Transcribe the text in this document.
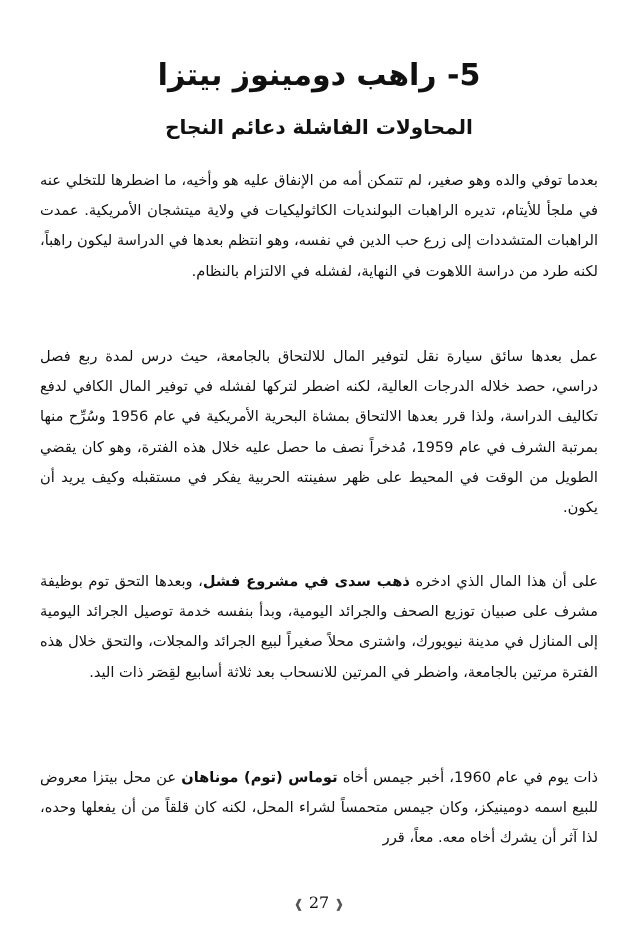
5- راهب دومينوز بيتزا
المحاولات الفاشلة دعائم النجاح

بعدما توفي والده وهو صغير، لم تتمكن أمه من الإنفاق عليه هو وأخيه، ما اضطرها للتخلي عنه في ملجأ للأيتام، تديره الراهبات البولنديات الكاثوليكيات في ولاية ميتشجان الأمريكية. عمدت الراهبات المتشددات إلى زرع حب الدين في نفسه، وهو انتظم بعدها في الدراسة ليكون راهباً، لكنه طرد من دراسة اللاهوت في النهاية، لفشله في الالتزام بالنظام.

عمل بعدها سائق سيارة نقل لتوفير المال للالتحاق بالجامعة، حيث درس لمدة ربع فصل دراسي، حصد خلاله الدرجات العالية، لكنه اضطر لتركها لفشله في توفير المال الكافي لدفع تكاليف الدراسة، ولذا قرر بعدها الالتحاق بمشاة البحرية الأمريكية في عام 1956 وسُرِّح منها بمرتبة الشرف في عام 1959، مُدخراً نصف ما حصل عليه خلال هذه الفترة، وهو كان يقضي الطويل من الوقت في المحيط على ظهر سفينته الحربية يفكر في مستقبله وكيف يريد أن يكون.

على أن هذا المال الذي ادخره ذهب سدى في مشروع فشل، وبعدها التحق توم بوظيفة مشرف على صبيان توزيع الصحف والجرائد اليومية، وبدأ بنفسه خدمة توصيل الجرائد اليومية إلى المنازل في مدينة نيويورك، واشترى محلاً صغيراً لبيع الجرائد والمجلات، والتحق خلال هذه الفترة مرتين بالجامعة، واضطر في المرتين للانسحاب بعد ثلاثة أسابيع لقِصَر ذات اليد.

ذات يوم في عام 1960، أخبر جيمس أخاه توماس (توم) موناهان عن محل بيتزا معروض للبيع اسمه دومينيكز، وكان جيمس متحمساً لشراء المحل، لكنه كان قلقاً من أن يفعلها وحده، لذا آثر أن يشرك أخاه معه. معاً، قرر

❰ 27 ❱
